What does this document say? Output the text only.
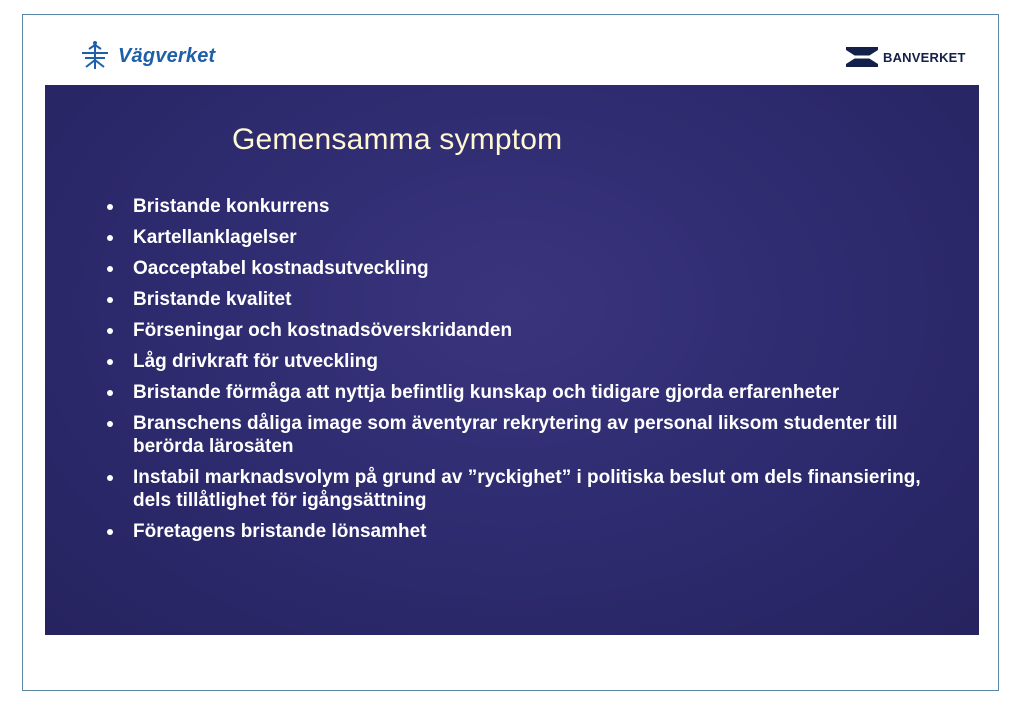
Vägverket	BANVERKET
Gemensamma symptom
Bristande konkurrens
Kartellanklagelser
Oacceptabel kostnadsutveckling
Bristande kvalitet
Förseningar och kostnadsöverskridanden
Låg drivkraft för utveckling
Bristande förmåga att nyttja befintlig kunskap och tidigare gjorda erfarenheter
Branschens dåliga image som äventyrar rekrytering av personal liksom studenter till berörda lärosäten
Instabil marknadsvolym på grund av ”ryckighet” i politiska beslut om dels finansiering, dels tillåtlighet för igångsättning
Företagens bristande lönsamhet
